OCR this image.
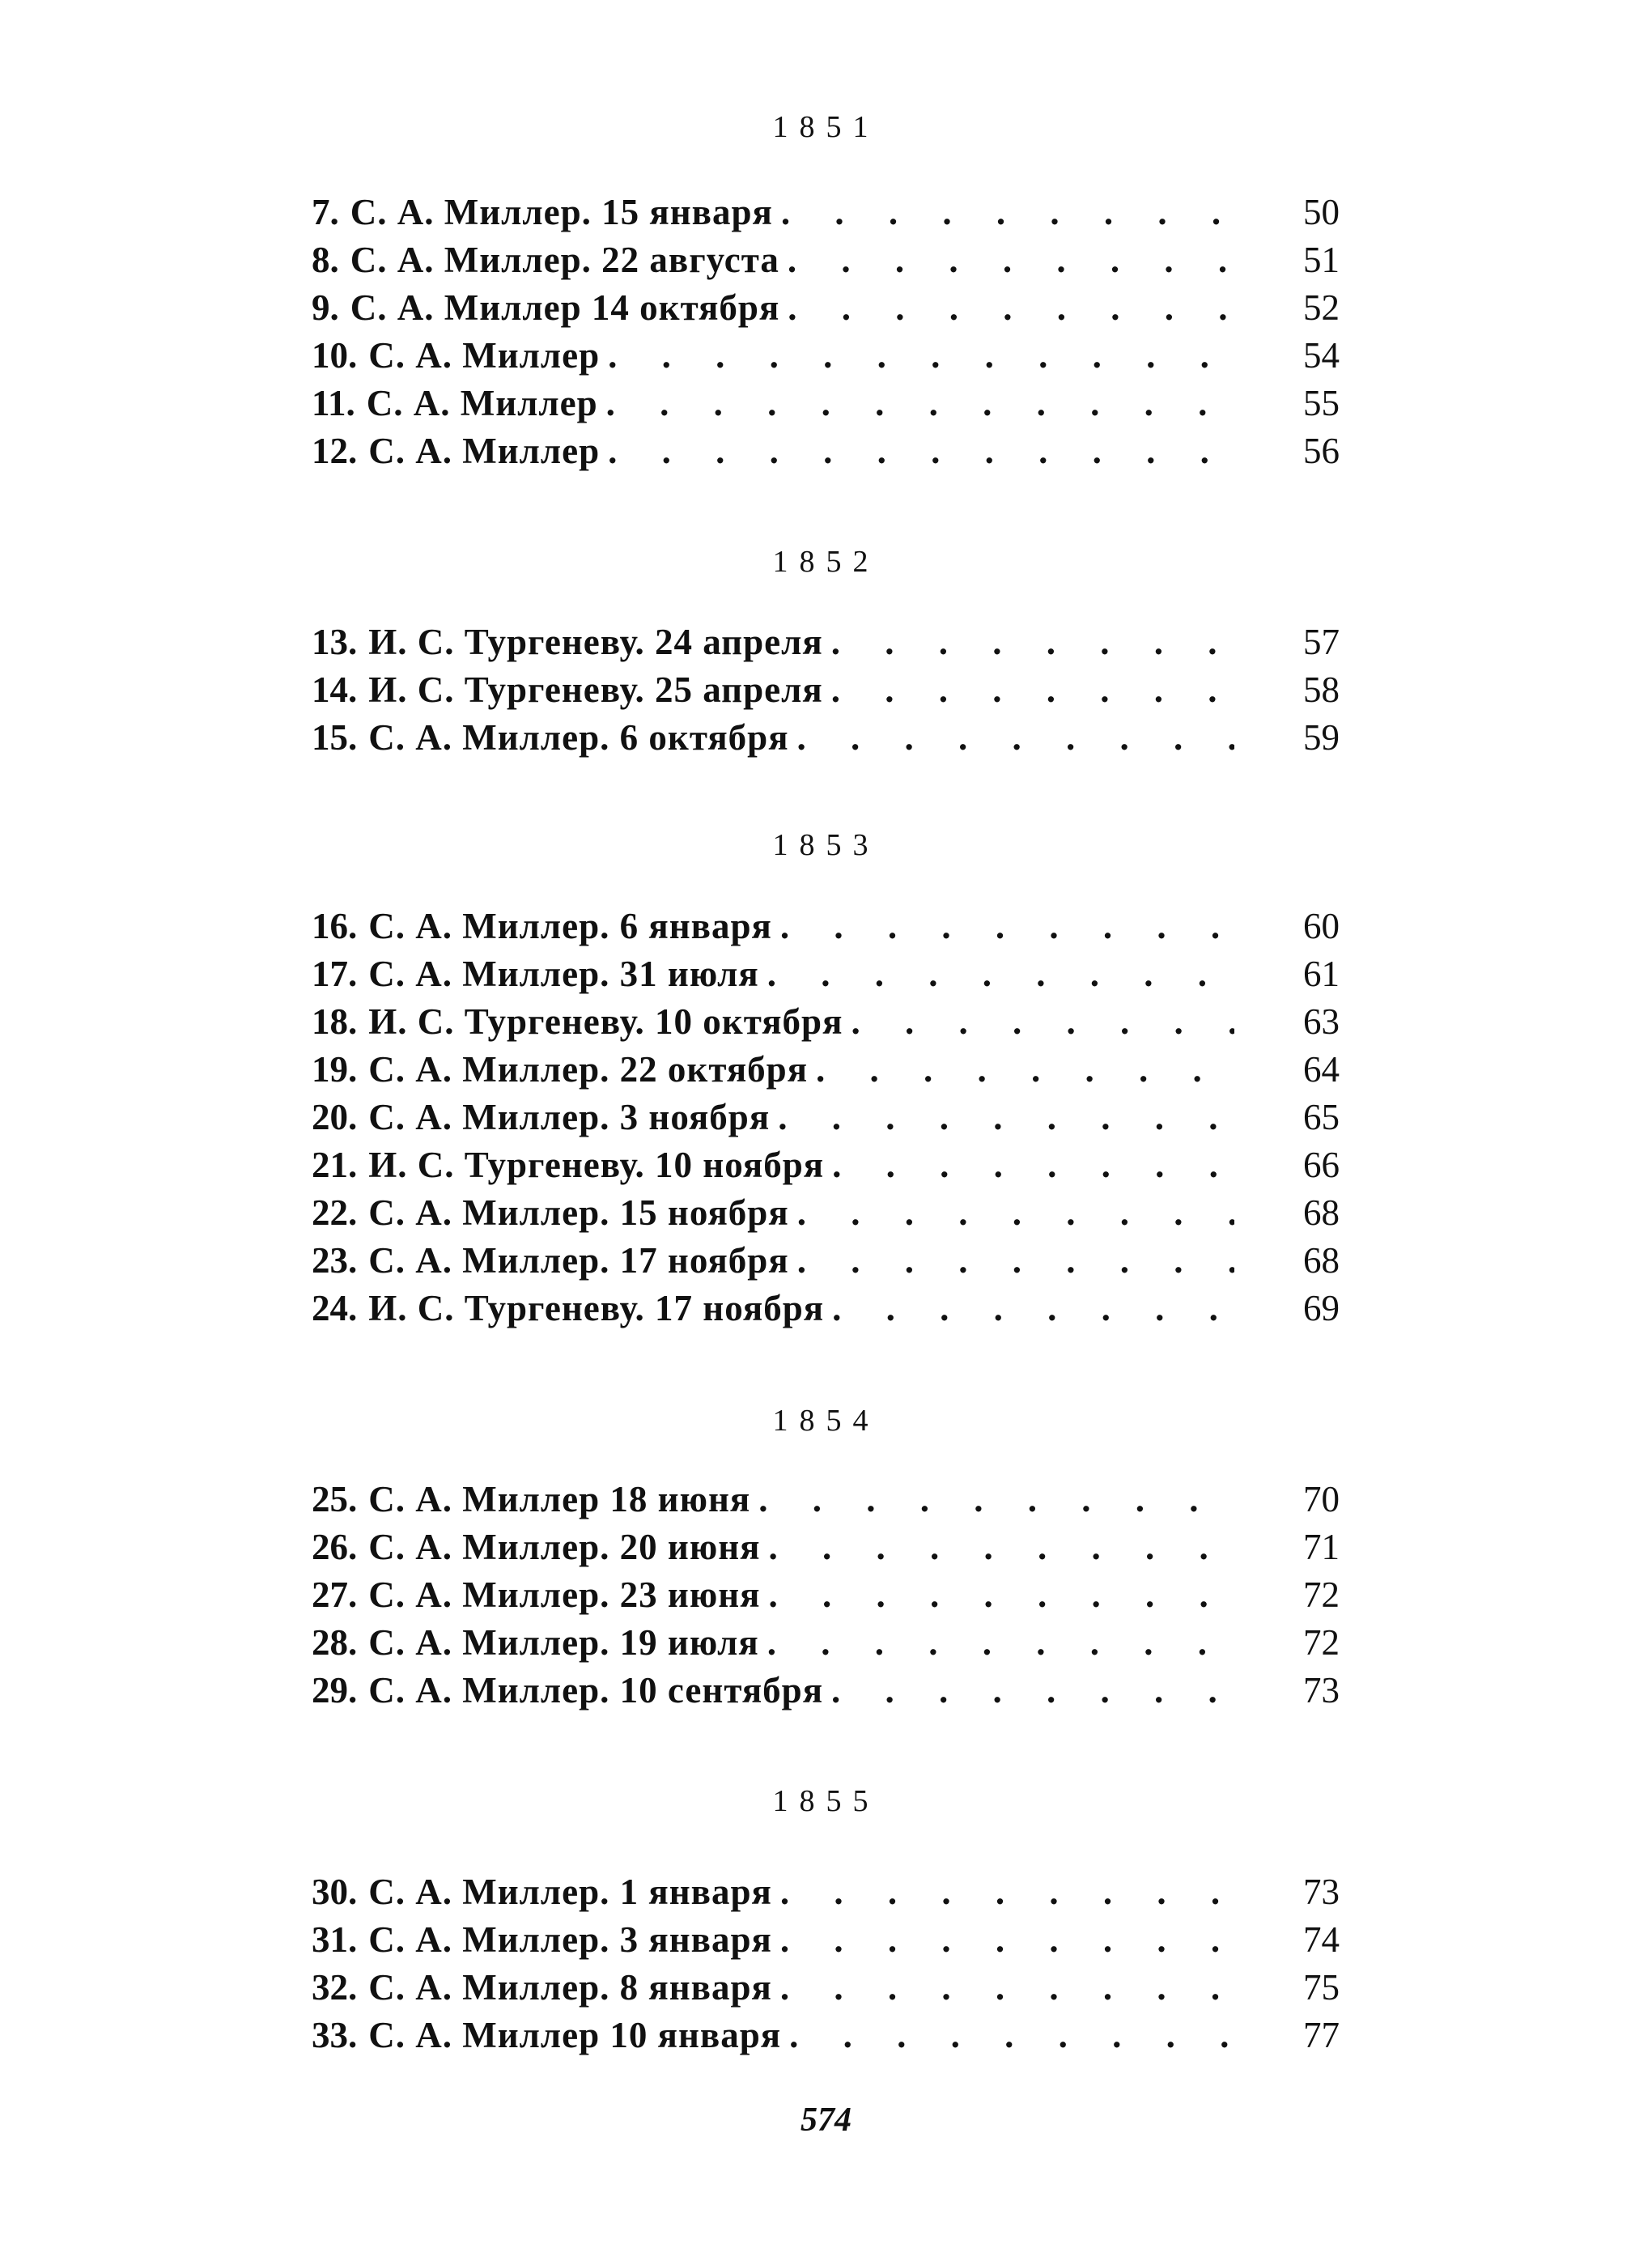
1851
7. С. А. Миллер. 15 января . . .	50
8. С. А. Миллер. 22 августа . . .	51
9. С. А. Миллер 14 октября . . .	52
10. С. А. Миллер . . .	54
11. С. А. Миллер . . .	55
12. С. А. Миллер . . .	56
1852
13. И. С. Тургеневу. 24 апреля . . .	57
14. И. С. Тургеневу. 25 апреля . . .	58
15. С. А. Миллер. 6 октября . . .	59
1853
16. С. А. Миллер. 6 января . . .	60
17. С. А. Миллер. 31 июля . . .	61
18. И. С. Тургеневу. 10 октября . . .	63
19. С. А. Миллер. 22 октября . . .	64
20. С. А. Миллер. 3 ноября . . .	65
21. И. С. Тургеневу. 10 ноября . . .	66
22. С. А. Миллер. 15 ноября . . .	68
23. С. А. Миллер. 17 ноября . . .	68
24. И. С. Тургеневу. 17 ноября . . .	69
1854
25. С. А. Миллер 18 июня . . .	70
26. С. А. Миллер. 20 июня . . .	71
27. С. А. Миллер. 23 июня . . .	72
28. С. А. Миллер. 19 июля . . .	72
29. С. А. Миллер. 10 сентября . . .	73
1855
30. С. А. Миллер. 1 января . . .	73
31. С. А. Миллер. 3 января . . .	74
32. С. А. Миллер. 8 января . . .	75
33. С. А. Миллер 10 января . . .	77
574
